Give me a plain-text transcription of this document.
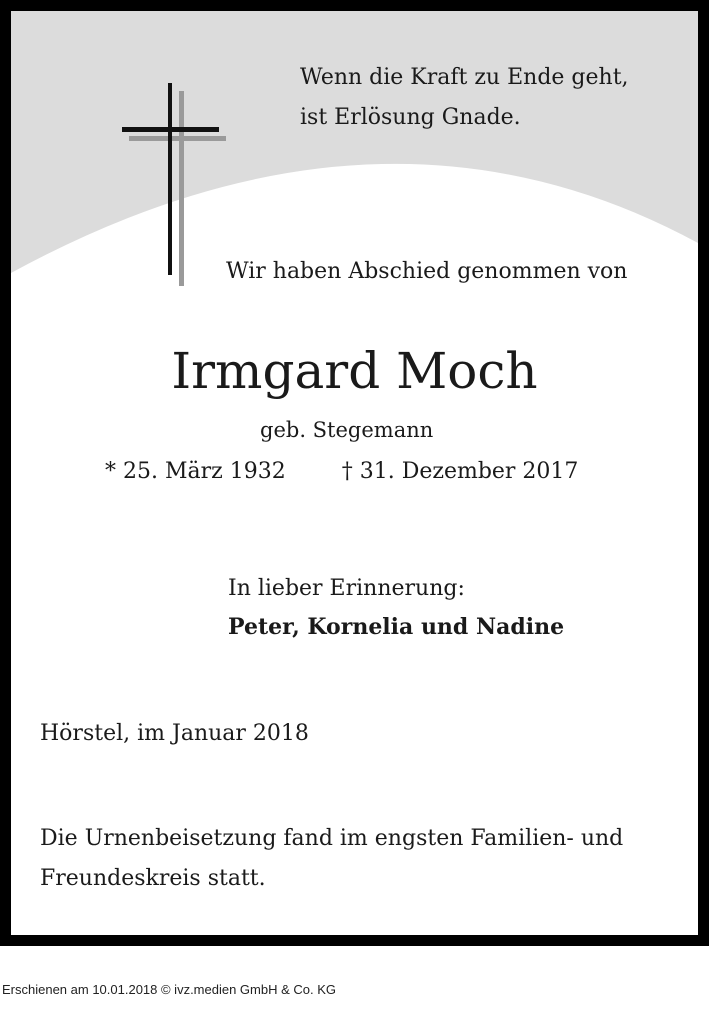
Wenn die Kraft zu Ende geht,
ist Erlösung Gnade.
Wir haben Abschied genommen von
Irmgard Moch
geb. Stegemann
* 25. März 1932	† 31. Dezember 2017
In lieber Erinnerung:
Peter, Kornelia und Nadine
Hörstel, im Januar 2018
Die Urnenbeisetzung fand im engsten Familien- und Freundeskreis statt.
Erschienen am 10.01.2018 © ivz.medien GmbH & Co. KG
